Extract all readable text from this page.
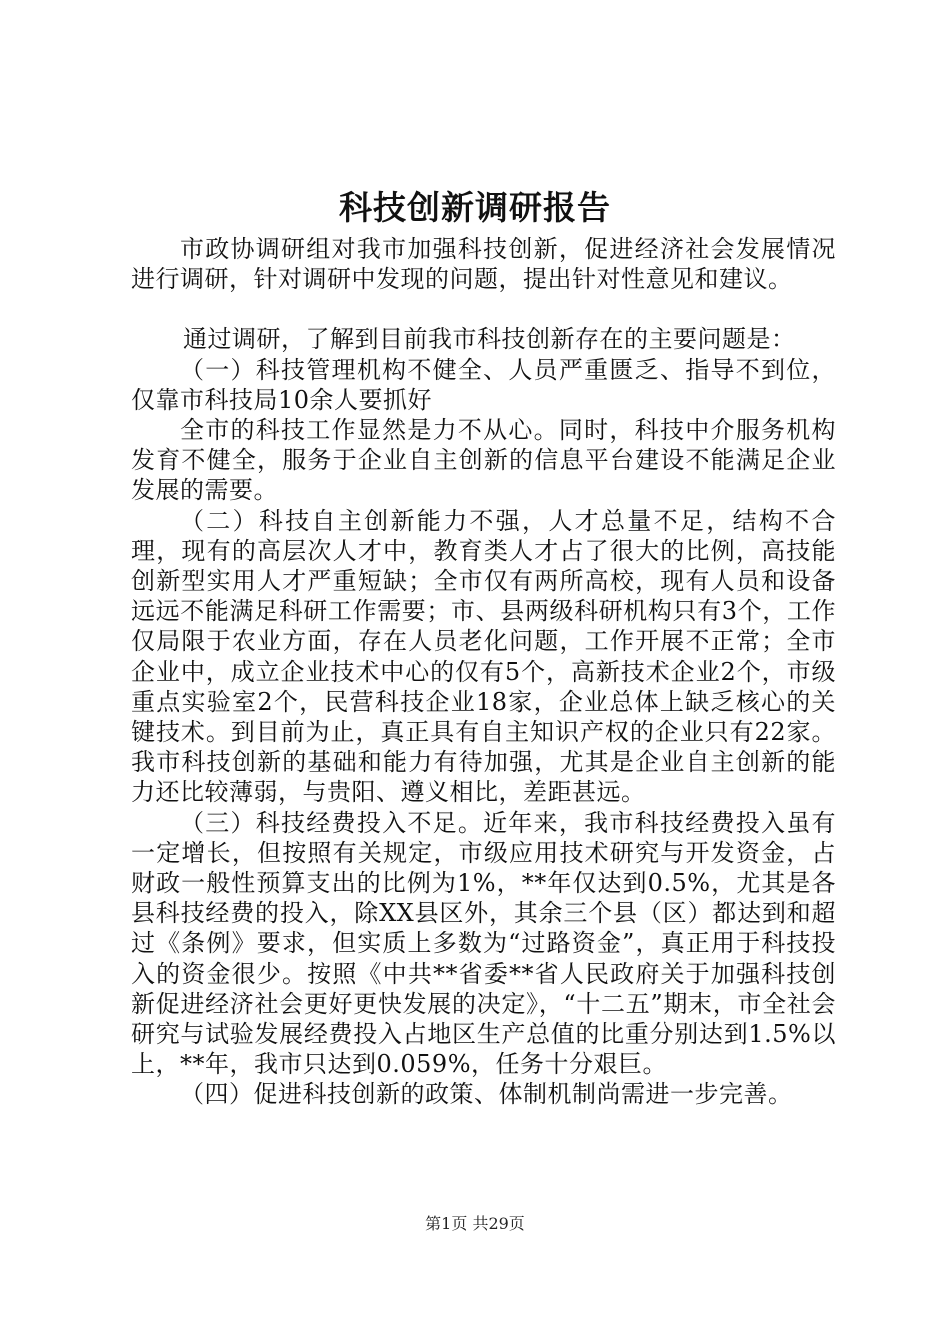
科技创新调研报告

市政协调研组对我市加强科技创新，促进经济社会发展情况进行调研，针对调研中发现的问题，提出针对性意见和建议。

通过调研，了解到目前我市科技创新存在的主要问题是：

（一）科技管理机构不健全、人员严重匮乏、指导不到位，仅靠市科技局10余人要抓好

全市的科技工作显然是力不从心。同时，科技中介服务机构发育不健全，服务于企业自主创新的信息平台建设不能满足企业发展的需要。

（二）科技自主创新能力不强，人才总量不足，结构不合理，现有的高层次人才中，教育类人才占了很大的比例，高技能创新型实用人才严重短缺；全市仅有两所高校，现有人员和设备远远不能满足科研工作需要；市、县两级科研机构只有3个，工作仅局限于农业方面，存在人员老化问题，工作开展不正常；全市企业中，成立企业技术中心的仅有5个，高新技术企业2个，市级重点实验室2个，民营科技企业18家，企业总体上缺乏核心的关键技术。到目前为止，真正具有自主知识产权的企业只有22家。我市科技创新的基础和能力有待加强，尤其是企业自主创新的能力还比较薄弱，与贵阳、遵义相比，差距甚远。

（三）科技经费投入不足。近年来，我市科技经费投入虽有一定增长，但按照有关规定，市级应用技术研究与开发资金，占财政一般性预算支出的比例为1%，**年仅达到0.5%，尤其是各县科技经费的投入，除XX县区外，其余三个县（区）都达到和超过《条例》要求，但实质上多数为“过路资金”，真正用于科技投入的资金很少。按照《中共**省委**省人民政府关于加强科技创新促进经济社会更好更快发展的决定》，“十二五”期末，市全社会研究与试验发展经费投入占地区生产总值的比重分别达到1.5%以上，**年，我市只达到0.059%，任务十分艰巨。

（四）促进科技创新的政策、体制机制尚需进一步完善。

第1页 共29页
